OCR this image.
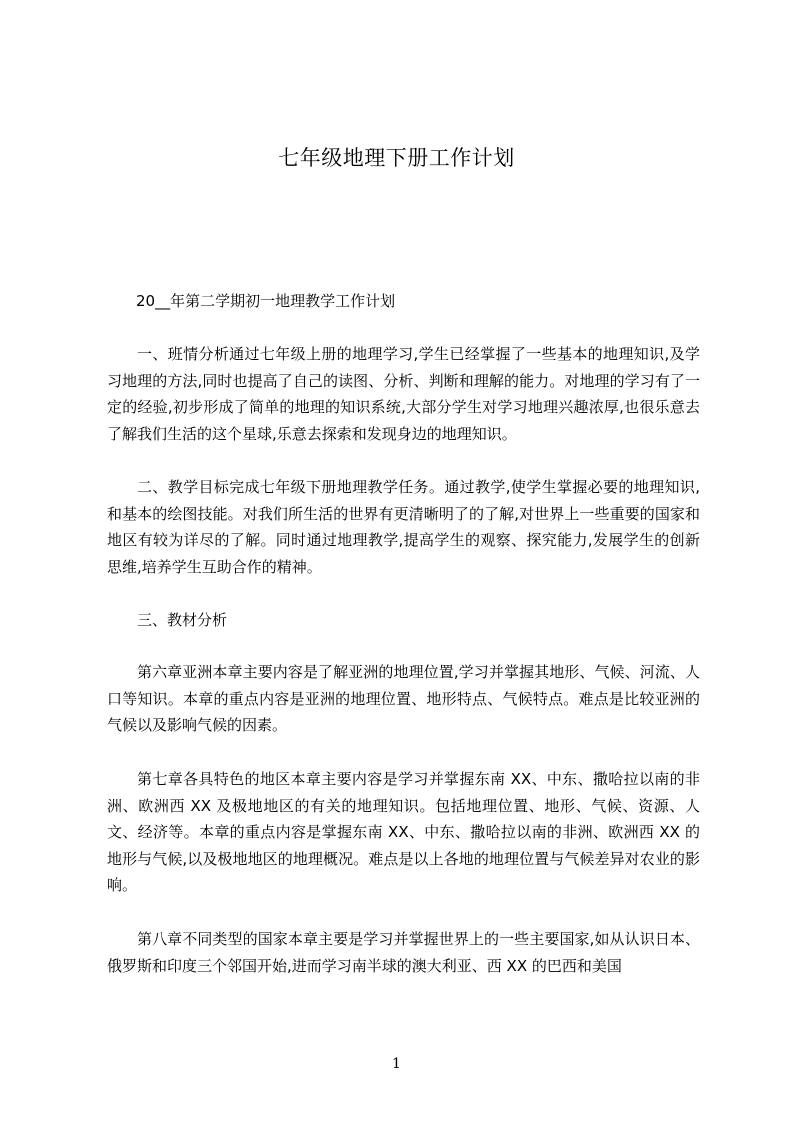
七年级地理下册工作计划

20__年第二学期初一地理教学工作计划

一、班情分析通过七年级上册的地理学习,学生已经掌握了一些基本的地理知识,及学习地理的方法,同时也提高了自己的读图、分析、判断和理解的能力。对地理的学习有了一定的经验,初步形成了简单的地理的知识系统,大部分学生对学习地理兴趣浓厚,也很乐意去了解我们生活的这个星球,乐意去探索和发现身边的地理知识。

二、教学目标完成七年级下册地理教学任务。通过教学,使学生掌握必要的地理知识,和基本的绘图技能。对我们所生活的世界有更清晰明了的了解,对世界上一些重要的国家和地区有较为详尽的了解。同时通过地理教学,提高学生的观察、探究能力,发展学生的创新思维,培养学生互助合作的精神。

三、教材分析

第六章亚洲本章主要内容是了解亚洲的地理位置,学习并掌握其地形、气候、河流、人口等知识。本章的重点内容是亚洲的地理位置、地形特点、气候特点。难点是比较亚洲的气候以及影响气候的因素。

第七章各具特色的地区本章主要内容是学习并掌握东南 XX、中东、撒哈拉以南的非洲、欧洲西 XX 及极地地区的有关的地理知识。包括地理位置、地形、气候、资源、人文、经济等。本章的重点内容是掌握东南 XX、中东、撒哈拉以南的非洲、欧洲西 XX 的地形与气候,以及极地地区的地理概况。难点是以上各地的地理位置与气候差异对农业的影响。

第八章不同类型的国家本章主要是学习并掌握世界上的一些主要国家,如从认识日本、俄罗斯和印度三个邻国开始,进而学习南半球的澳大利亚、西 XX 的巴西和美国

1
